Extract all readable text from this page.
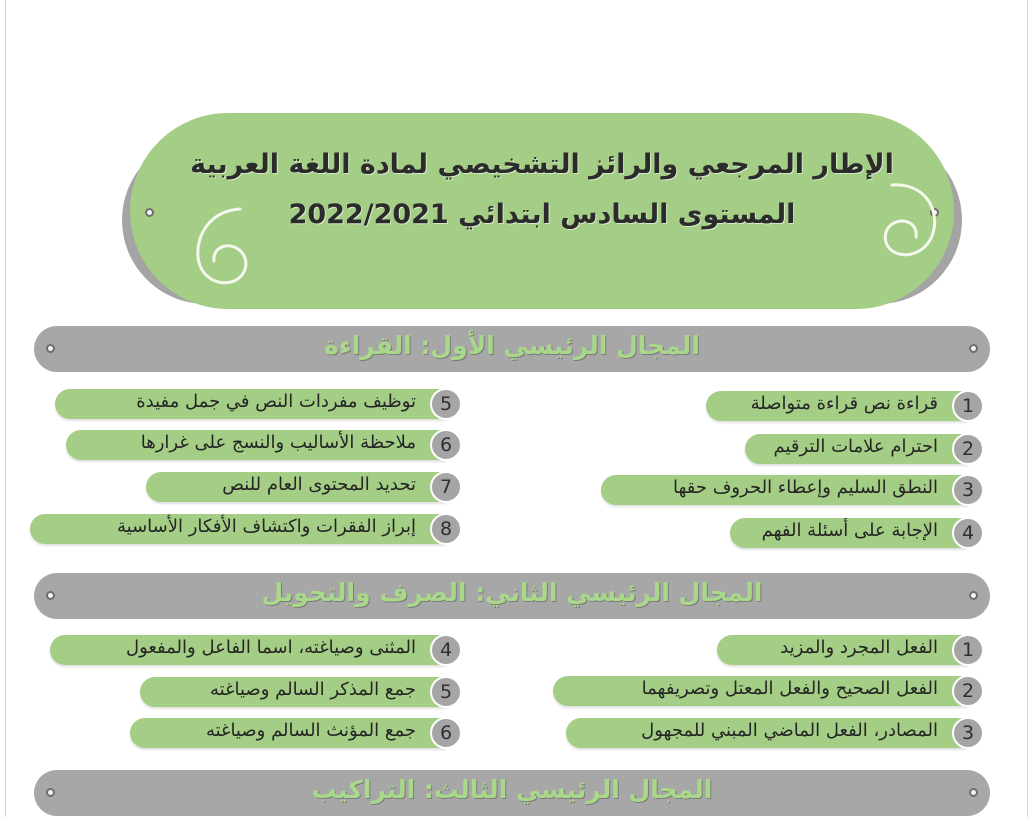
الإطار المرجعي والرائز التشخيصي لمادة اللغة العربية
المستوى السادس ابتدائي 2022/2021
المجال الرئيسي الأول: القراءة
قراءة نص قراءة متواصلة	1
احترام علامات الترقيم	2
النطق السليم وإعطاء الحروف حقها	3
الإجابة على أسئلة الفهم	4
توظيف مفردات النص في جمل مفيدة	5
ملاحظة الأساليب والنسج على غرارها	6
تحديد المحتوى العام للنص	7
إبراز الفقرات واكتشاف الأفكار الأساسية	8
المجال الرئيسي الثاني: الصرف والتحويل
الفعل المجرد والمزيد	1
الفعل الصحيح والفعل المعتل وتصريفهما	2
المصادر، الفعل الماضي المبني للمجهول	3
المثنى وصياغته، اسما الفاعل والمفعول	4
جمع المذكر السالم وصياغته	5
جمع المؤنث السالم وصياغته	6
المجال الرئيسي الثالث: التراكيب
